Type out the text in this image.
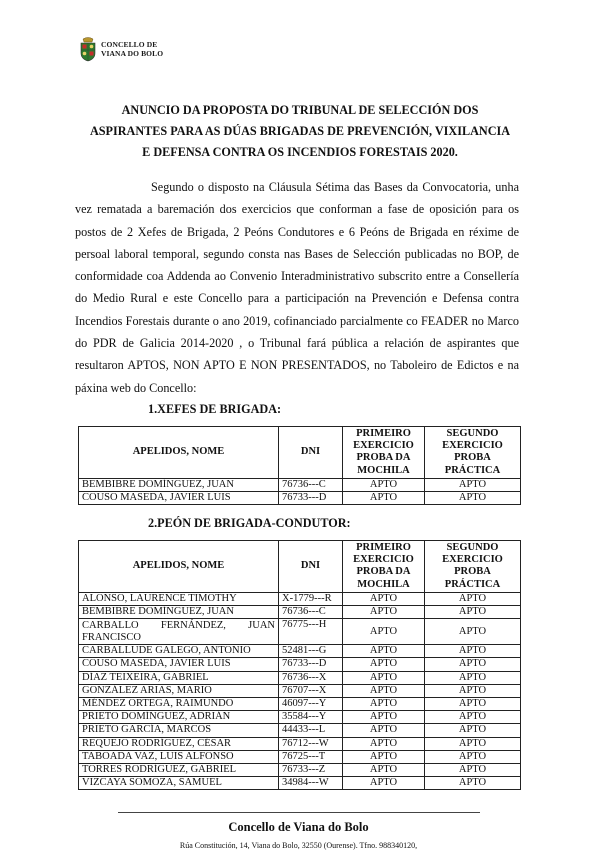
CONCELLO DE
VIANA DO BOLO
ANUNCIO DA PROPOSTA DO TRIBUNAL DE SELECCIÓN DOS
ASPIRANTES PARA AS DÚAS BRIGADAS DE PREVENCIÓN, VIXILANCIA
E DEFENSA CONTRA OS INCENDIOS FORESTAIS 2020.
Segundo o disposto na Cláusula Sétima das Bases da Convocatoria, unha vez rematada a baremación dos exercicios que conforman a fase de oposición para os postos de 2 Xefes de Brigada, 2 Peóns Condutores e 6 Peóns de Brigada en réxime de persoal laboral temporal, segundo consta nas Bases de Selección publicadas no BOP, de conformidade coa Addenda ao Convenio Interadministrativo subscrito entre a Consellería do Medio Rural e este Concello para a participación na Prevención e Defensa contra Incendios Forestais durante o ano 2019, cofinanciado parcialmente co FEADER no Marco do PDR de Galicia 2014-2020 , o Tribunal fará pública a relación de aspirantes que resultaron APTOS, NON APTO E NON PRESENTADOS, no Taboleiro de Edictos e na páxina web do Concello:
1.XEFES DE BRIGADA:
APELIDOS, NOME	DNI	PRIMEIRO EXERCICIO PROBA DA MOCHILA	SEGUNDO EXERCICIO PROBA PRÁCTICA
BEMBIBRE DOMÍNGUEZ, JUAN	76736---C	APTO	APTO
COUSO MASEDA, JAVIER LUIS	76733---D	APTO	APTO
2.PEÓN DE BRIGADA-CONDUTOR:
APELIDOS, NOME	DNI	PRIMEIRO EXERCICIO PROBA DA MOCHILA	SEGUNDO EXERCICIO PROBA PRÁCTICA
ALONSO, LAURENCE TIMOTHY	X-1779---R	APTO	APTO
BEMBIBRE DOMÍNGUEZ, JUAN	76736---C	APTO	APTO
CARBALLO FERNÁNDEZ, JUAN FRANCISCO	76775---H	APTO	APTO
CARBALLUDE GALEGO, ANTONIO	52481---G	APTO	APTO
COUSO MASEDA, JAVIER LUIS	76733---D	APTO	APTO
DÍAZ TEIXEIRA, GABRIEL	76736---X	APTO	APTO
GONZÁLEZ ARIAS, MARIO	76707---X	APTO	APTO
MÉNDEZ ORTEGA, RAIMUNDO	46097---Y	APTO	APTO
PRIETO DOMÍNGUEZ, ADRIÁN	35584---Y	APTO	APTO
PRIETO GARCÍA, MARCOS	44433---L	APTO	APTO
REQUEJO RODRÍGUEZ, CÉSAR	76712---W	APTO	APTO
TABOADA VAZ, LUIS ALFONSO	76725---T	APTO	APTO
TORRES RODRÍGUEZ, GABRIEL	76733---Z	APTO	APTO
VIZCAYA SOMOZA, SAMUEL	34984---W	APTO	APTO
Concello de Viana do Bolo
Rúa Constitución, 14, Viana do Bolo, 32550 (Ourense). Tfno. 988340120,
